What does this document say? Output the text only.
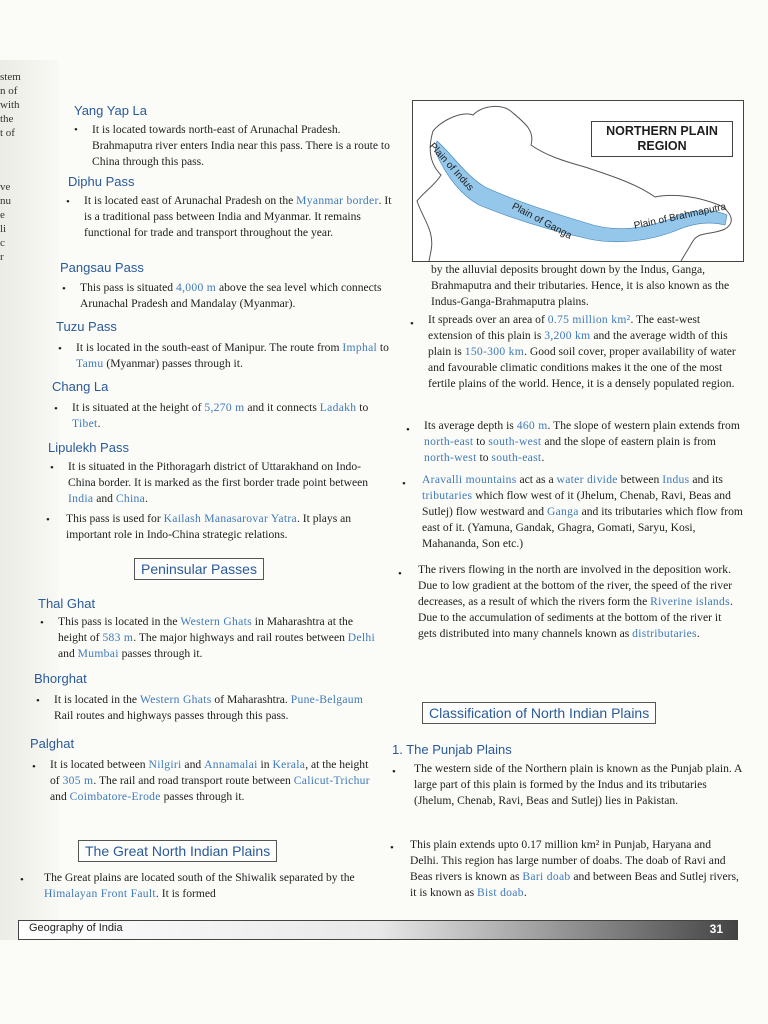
stem
n of
with
the
t of
ve
nu
e
li
c
r
Yang Yap La
• It is located towards north-east of Arunachal Pradesh. Brahmaputra river enters India near this pass. There is a route to China through this pass.

Diphu Pass
• It is located east of Arunachal Pradesh on the Myanmar border. It is a traditional pass between India and Myanmar. It remains functional for trade and transport throughout the year.

Pangsau Pass
• This pass is situated 4,000 m above the sea level which connects Arunachal Pradesh and Mandalay (Myanmar).

Tuzu Pass
• It is located in the south-east of Manipur. The route from Imphal to Tamu (Myanmar) passes through it.

Chang La
• It is situated at the height of 5,270 m and it connects Ladakh to Tibet.

Lipulekh Pass
• It is situated in the Pithoragarh district of Uttarakhand on Indo-China border. It is marked as the first border trade point between India and China.

• This pass is used for Kailash Manasarovar Yatra. It plays an important role in Indo-China strategic relations.

Peninsular Passes
Thal Ghat
• This pass is located in the Western Ghats in Maharashtra at the height of 583 m. The major highways and rail routes between Delhi and Mumbai passes through it.

Bhorghat
• It is located in the Western Ghats of Maharashtra. Pune-Belgaum Rail routes and highways passes through this pass.

Palghat
• It is located between Nilgiri and Annamalai in Kerala, at the height of 305 m. The rail and road transport route between Calicut-Trichur and Coimbatore-Erode passes through it.

The Great North Indian Plains
• The Great plains are located south of the Shiwalik separated by the Himalayan Front Fault. It is formed

NORTHERN PLAIN
REGION
Plain of Indus
Plain of Ganga	Plain of Brahmaputra

by the alluvial deposits brought down by the Indus, Ganga, Brahmaputra and their tributaries. Hence, it is also known as the Indus-Ganga-Brahmaputra plains.

• It spreads over an area of 0.75 million km². The east-west extension of this plain is 3,200 km and the average width of this plain is 150-300 km. Good soil cover, proper availability of water and favourable climatic conditions makes it the one of the most fertile plains of the world. Hence, it is a densely populated region.

• Its average depth is 460 m. The slope of western plain extends from north-east to south-west and the slope of eastern plain is from north-west to south-east.

• Aravalli mountains act as a water divide between Indus and its tributaries which flow west of it (Jhelum, Chenab, Ravi, Beas and Sutlej) flow westward and Ganga and its tributaries which flow from east of it. (Yamuna, Gandak, Ghagra, Gomati, Saryu, Kosi, Mahananda, Son etc.)

• The rivers flowing in the north are involved in the deposition work. Due to low gradient at the bottom of the river, the speed of the river decreases, as a result of which the rivers form the Riverine islands. Due to the accumulation of sediments at the bottom of the river it gets distributed into many channels known as distributaries.

Classification of North Indian Plains
1. The Punjab Plains
• The western side of the Northern plain is known as the Punjab plain. A large part of this plain is formed by the Indus and its tributaries (Jhelum, Chenab, Ravi, Beas and Sutlej) lies in Pakistan.

• This plain extends upto 0.17 million km² in Punjab, Haryana and Delhi. This region has large number of doabs. The doab of Ravi and Beas rivers is known as Bari doab and between Beas and Sutlej rivers, it is known as Bist doab.

Geography of India	31
